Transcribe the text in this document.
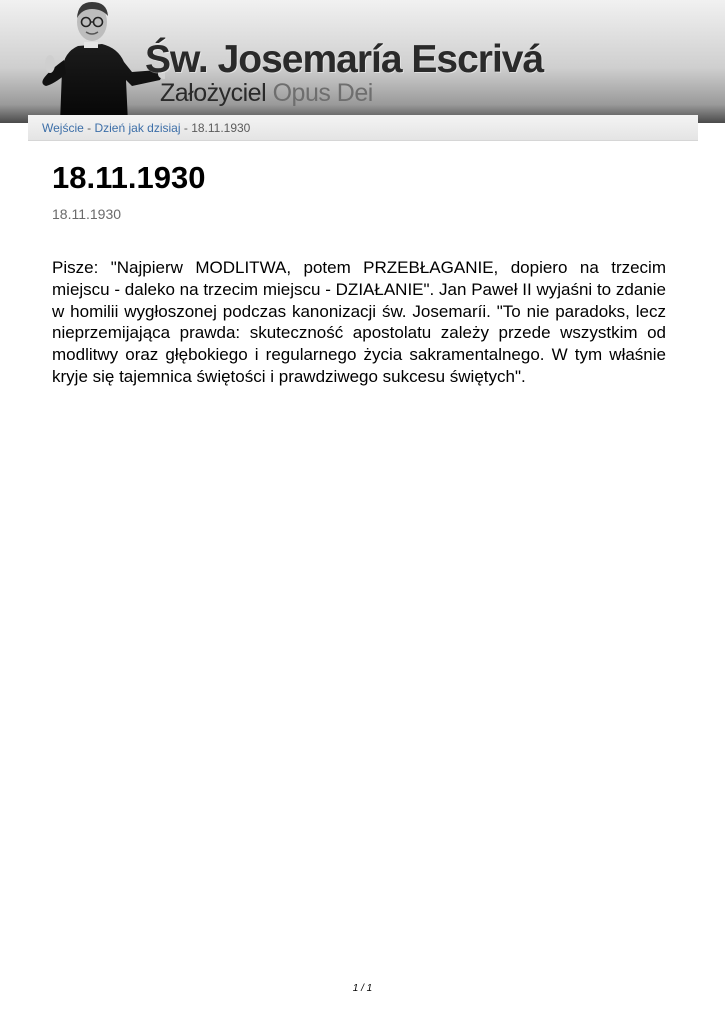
Św. Josemaría Escrivá
Założyciel Opus Dei
Wejście - Dzień jak dzisiaj - 18.11.1930
18.11.1930
18.11.1930

Pisze: "Najpierw MODLITWA, potem PRZEBŁAGANIE, dopiero na trzecim miejscu - daleko na trzecim miejscu - DZIAŁANIE". Jan Paweł II wyjaśni to zdanie w homilii wygłoszonej podczas kanonizacji św. Josemaríi. "To nie paradoks, lecz nieprzemijająca prawda: skuteczność apostolatu zależy przede wszystkim od modlitwy oraz głębokiego i regularnego życia sakramentalnego. W tym właśnie kryje się tajemnica świętości i prawdziwego sukcesu świętych".

1 / 1
